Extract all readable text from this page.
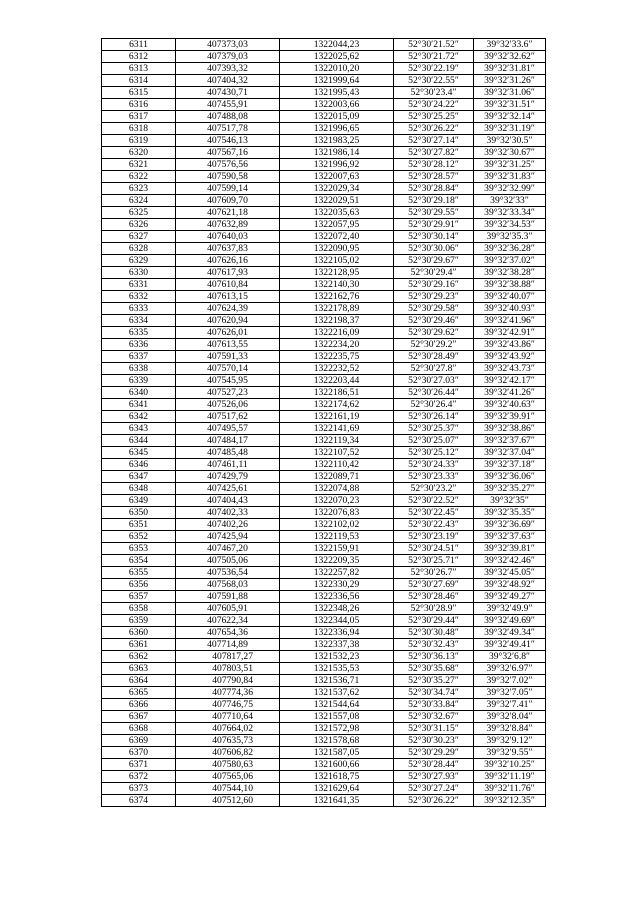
6311	407373,03	1322044,23	52°30′21.52″	39°32′33.6″
6312	407379,03	1322025,62	52°30′21.72″	39°32′32.62″
6313	407393,32	1322010,20	52°30′22.19″	39°32′31.81″
6314	407404,32	1321999,64	52°30′22.55″	39°32′31.26″
6315	407430,71	1321995,43	52°30′23.4″	39°32′31.06″
6316	407455,91	1322003,66	52°30′24.22″	39°32′31.51″
6317	407488,08	1322015,09	52°30′25.25″	39°32′32.14″
6318	407517,78	1321996,65	52°30′26.22″	39°32′31.19″
6319	407546,13	1321983,25	52°30′27.14″	39°32′30.5″
6320	407567,16	1321986,14	52°30′27.82″	39°32′30.67″
6321	407576,56	1321996,92	52°30′28.12″	39°32′31.25″
6322	407590,58	1322007,63	52°30′28.57″	39°32′31.83″
6323	407599,14	1322029,34	52°30′28.84″	39°32′32.99″
6324	407609,70	1322029,51	52°30′29.18″	39°32′33″
6325	407621,18	1322035,63	52°30′29.55″	39°32′33.34″
6326	407632,89	1322057,95	52°30′29.91″	39°32′34.53″
6327	407640,03	1322072,40	52°30′30.14″	39°32′35.3″
6328	407637,83	1322090,95	52°30′30.06″	39°32′36.28″
6329	407626,16	1322105,02	52°30′29.67″	39°32′37.02″
6330	407617,93	1322128,95	52°30′29.4″	39°32′38.28″
6331	407610,84	1322140,30	52°30′29.16″	39°32′38.88″
6332	407613,15	1322162,76	52°30′29.23″	39°32′40.07″
6333	407624,39	1322178,89	52°30′29.58″	39°32′40.93″
6334	407620,94	1322198,37	52°30′29.46″	39°32′41.96″
6335	407626,01	1322216,09	52°30′29.62″	39°32′42.91″
6336	407613,55	1322234,20	52°30′29.2″	39°32′43.86″
6337	407591,33	1322235,75	52°30′28.49″	39°32′43.92″
6338	407570,14	1322232,52	52°30′27.8″	39°32′43.73″
6339	407545,95	1322203,44	52°30′27.03″	39°32′42.17″
6340	407527,23	1322186,51	52°30′26.44″	39°32′41.26″
6341	407526,06	1322174,62	52°30′26.4″	39°32′40.63″
6342	407517,62	1322161,19	52°30′26.14″	39°32′39.91″
6343	407495,57	1322141,69	52°30′25.37″	39°32′38.86″
6344	407484,17	1322119,34	52°30′25.07″	39°32′37.67″
6345	407485,48	1322107,52	52°30′25.12″	39°32′37.04″
6346	407461,11	1322110,42	52°30′24.33″	39°32′37.18″
6347	407429,79	1322089,71	52°30′23.33″	39°32′36.06″
6348	407425,61	1322074,88	52°30′23.2″	39°32′35.27″
6349	407404,43	1322070,23	52°30′22.52″	39°32′35″
6350	407402,33	1322076,83	52°30′22.45″	39°32′35.35″
6351	407402,26	1322102,02	52°30′22.43″	39°32′36.69″
6352	407425,94	1322119,53	52°30′23.19″	39°32′37.63″
6353	407467,20	1322159,91	52°30′24.51″	39°32′39.81″
6354	407505,06	1322209,35	52°30′25.71″	39°32′42.46″
6355	407536,54	1322257,82	52°30′26.7″	39°32′45.05″
6356	407568,03	1322330,29	52°30′27.69″	39°32′48.92″
6357	407591,88	1322336,56	52°30′28.46″	39°32′49.27″
6358	407605,91	1322348,26	52°30′28.9″	39°32′49.9″
6359	407622,34	1322344,05	52°30′29.44″	39°32′49.69″
6360	407654,36	1322336,94	52°30′30.48″	39°32′49.34″
6361	407714,89	1322337,38	52°30′32.43″	39°32′49.41″
6362	407817,27	1321532,23	52°30′36.13″	39°32′6.8″
6363	407803,51	1321535,53	52°30′35.68″	39°32′6.97″
6364	407790,84	1321536,71	52°30′35.27″	39°32′7.02″
6365	407774,36	1321537,62	52°30′34.74″	39°32′7.05″
6366	407746,75	1321544,64	52°30′33.84″	39°32′7.41″
6367	407710,64	1321557,08	52°30′32.67″	39°32′8.04″
6368	407664,02	1321572,98	52°30′31.15″	39°32′8.84″
6369	407635,73	1321578,68	52°30′30.23″	39°32′9.12″
6370	407606,82	1321587,05	52°30′29.29″	39°32′9.55″
6371	407580,63	1321600,66	52°30′28.44″	39°32′10.25″
6372	407565,06	1321618,75	52°30′27.93″	39°32′11.19″
6373	407544,10	1321629,64	52°30′27.24″	39°32′11.76″
6374	407512,60	1321641,35	52°30′26.22″	39°32′12.35″
